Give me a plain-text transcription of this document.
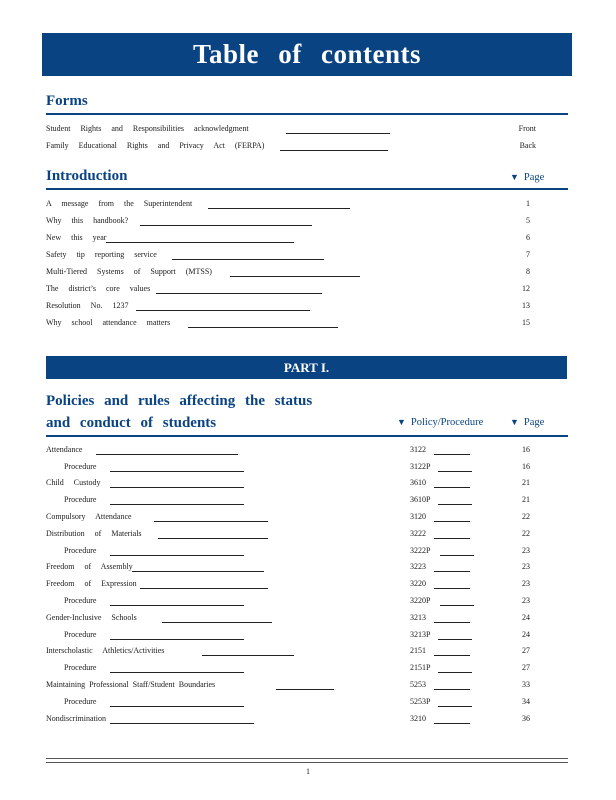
Table of contents
Forms
Student Rights and Responsibilities acknowledgment	Front
Family Educational Rights and Privacy Act (FERPA)	Back
Introduction	▼ Page
A message from the Superintendent	1
Why this handbook?	5
New this year	6
Safety tip reporting service	7
Multi-Tiered Systems of Support (MTSS)	8
The district’s core values	12
Resolution No. 1237	13
Why school attendance matters	15
PART I.
Policies and rules affecting the status
and conduct of students	▼ Policy/Procedure	▼ Page
Attendance	3122	16
Procedure	3122P	16
Child Custody	3610	21
Procedure	3610P	21
Compulsory Attendance	3120	22
Distribution of Materials	3222	22
Procedure	3222P	23
Freedom of Assembly	3223	23
Freedom of Expression	3220	23
Procedure	3220P	23
Gender-Inclusive Schools	3213	24
Procedure	3213P	24
Interscholastic Athletics/Activities	2151	27
Procedure	2151P	27
Maintaining Professional Staff/Student Boundaries	5253	33
Procedure	5253P	34
Nondiscrimination	3210	36
1
